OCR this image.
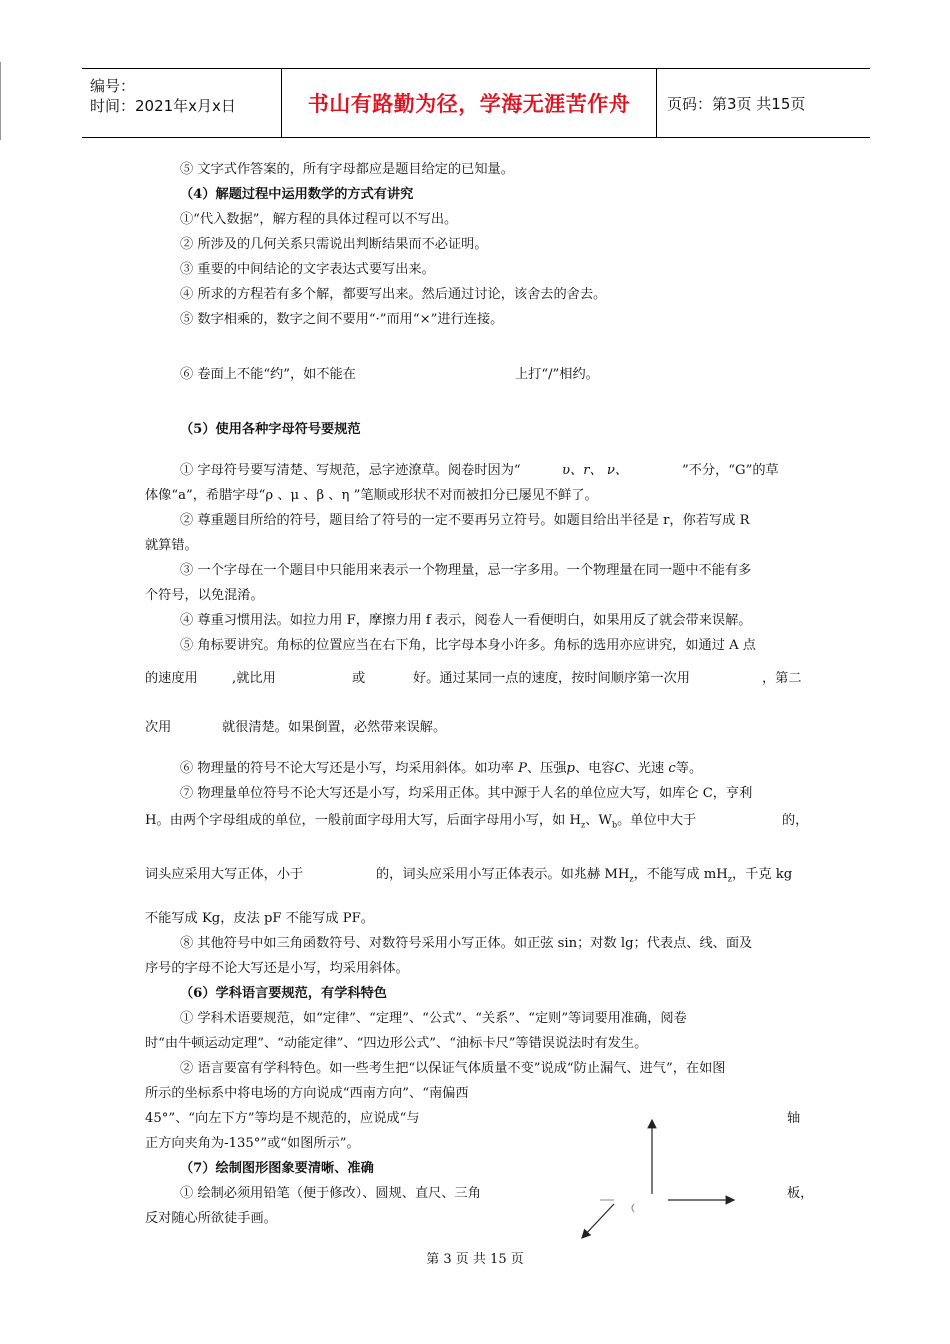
编号：
时间：2021年x月x日	书山有路勤为径，学海无涯苦作舟	页码：第3页 共15页
⑤ 文字式作答案的，所有字母都应是题目给定的已知量。
（4）解题过程中运用数学的方式有讲究
①“代入数据”，解方程的具体过程可以不写出。
② 所涉及的几何关系只需说出判断结果而不必证明。
③ 重要的中间结论的文字表达式要写出来。
④ 所求的方程若有多个解，都要写出来。然后通过讨论，该舍去的舍去。
⑤ 数字相乘的，数字之间不要用“·”而用“×”进行连接。
⑥ 卷面上不能“约”，如不能在	上打“/”相约。
（5）使用各种字母符号要规范
① 字母符号要写清楚、写规范，忌字迹潦草。阅卷时因为“	υ、r、 ν、	”不分，“G”的草
体像“a”，希腊字母“ρ 、μ 、β 、η ”笔顺或形状不对而被扣分已屡见不鲜了。
② 尊重题目所给的符号，题目给了符号的一定不要再另立符号。如题目给出半径是 r，你若写成 R
就算错。
③ 一个字母在一个题目中只能用来表示一个物理量，忌一字多用。一个物理量在同一题中不能有多
个符号，以免混淆。
④ 尊重习惯用法。如拉力用 F，摩擦力用 f 表示，阅卷人一看便明白，如果用反了就会带来误解。
⑤ 角标要讲究。角标的位置应当在右下角，比字母本身小许多。角标的选用亦应讲究，如通过 A 点
的速度用	,就比用	或	好。通过某同一点的速度，按时间顺序第一次用	，第二
次用	就很清楚。如果倒置，必然带来误解。
⑥ 物理量的符号不论大写还是小写，均采用斜体。如功率 P、压强p、电容C、光速 c等。
⑦ 物理量单位符号不论大写还是小写，均采用正体。其中源于人名的单位应大写，如库仑 C，亨利
H。由两个字母组成的单位，一般前面字母用大写，后面字母用小写，如 $H_z$、$W_b$。单位中大于	的，
词头应采用大写正体，小于	的，词头应采用小写正体表示。如兆赫 $MH_z$，不能写成 $mH_z$，千克 kg
不能写成 Kg，皮法 pF 不能写成 PF。
⑧ 其他符号中如三角函数符号、对数符号采用小写正体。如正弦 sin；对数 lg；代表点、线、面及
序号的字母不论大写还是小写，均采用斜体。
（6）学科语言要规范，有学科特色
① 学科术语要规范，如“定律”、“定理”、“公式”、“关系”、“定则”等词要用准确，阅卷
时“由牛顿运动定理”、“动能定律”、“四边形公式”、“油标卡尺”等错误说法时有发生。
② 语言要富有学科特色。如一些考生把“以保证气体质量不变”说成“防止漏气、进气”，在如图
所示的坐标系中将电场的方向说成“西南方向”、“南偏西
45°”、“向左下方”等均是不规范的，应说成“与	轴
正方向夹角为-135°”或“如图所示”。
（7）绘制图形图象要清晰、准确
① 绘制必须用铅笔（便于修改）、圆规、直尺、三角	板，
反对随心所欲徒手画。
第 3 页 共 15 页
